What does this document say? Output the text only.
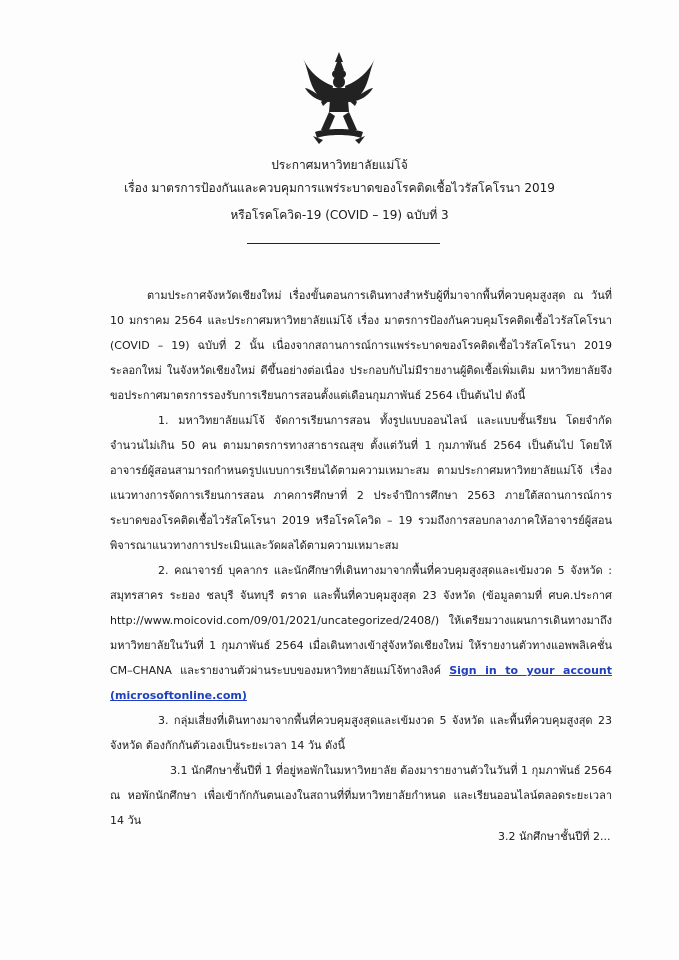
ประกาศมหาวิทยาลัยแม่โจ้
เรื่อง มาตรการป้องกันและควบคุมการแพร่ระบาดของโรคติดเชื้อไวรัสโคโรนา 2019
หรือโรคโควิด-19 (COVID – 19) ฉบับที่ 3

ตามประกาศจังหวัดเชียงใหม่ เรื่องขั้นตอนการเดินทางสำหรับผู้ที่มาจากพื้นที่ควบคุมสูงสุด ณ วันที่ 10 มกราคม 2564 และประกาศมหาวิทยาลัยแม่โจ้ เรื่อง มาตรการป้องกันควบคุมโรคติดเชื้อไวรัสโคโรนา (COVID – 19) ฉบับที่ 2 นั้น เนื่องจากสถานการณ์การแพร่ระบาดของโรคติดเชื้อไวรัสโคโรนา 2019 ระลอกใหม่ ในจังหวัดเชียงใหม่ ดีขึ้นอย่างต่อเนื่อง ประกอบกับไม่มีรายงานผู้ติดเชื้อเพิ่มเติม มหาวิทยาลัยจึงขอประกาศมาตรการรองรับการเรียนการสอนตั้งแต่เดือนกุมภาพันธ์ 2564 เป็นต้นไป ดังนี้

1. มหาวิทยาลัยแม่โจ้ จัดการเรียนการสอน ทั้งรูปแบบออนไลน์ และแบบชั้นเรียน โดยจำกัดจำนวนไม่เกิน 50 คน ตามมาตรการทางสาธารณสุข ตั้งแต่วันที่ 1 กุมภาพันธ์ 2564 เป็นต้นไป โดยให้อาจารย์ผู้สอนสามารถกำหนดรูปแบบการเรียนได้ตามความเหมาะสม ตามประกาศมหาวิทยาลัยแม่โจ้ เรื่อง แนวทางการจัดการเรียนการสอน ภาคการศึกษาที่ 2 ประจำปีการศึกษา 2563 ภายใต้สถานการณ์การระบาดของโรคติดเชื้อไวรัสโคโรนา 2019 หรือโรคโควิด – 19 รวมถึงการสอบกลางภาคให้อาจารย์ผู้สอนพิจารณาแนวทางการประเมินและวัดผลได้ตามความเหมาะสม

2. คณาจารย์ บุคลากร และนักศึกษาที่เดินทางมาจากพื้นที่ควบคุมสูงสุดและเข้มงวด 5 จังหวัด : สมุทรสาคร ระยอง ชลบุรี จันทบุรี ตราด และพื้นที่ควบคุมสูงสุด 23 จังหวัด (ข้อมูลตามที่ ศบค.ประกาศ http://www.moicovid.com/09/01/2021/uncategorized/2408/) ให้เตรียมวางแผนการเดินทางมาถึงมหาวิทยาลัยในวันที่ 1 กุมภาพันธ์ 2564 เมื่อเดินทางเข้าสู่จังหวัดเชียงใหม่ ให้รายงานตัวทางแอพพลิเคชั่น CM–CHANA และรายงานตัวผ่านระบบของมหาวิทยาลัยแม่โจ้ทางลิงค์ Sign in to your account (microsoftonline.com)

3. กลุ่มเสี่ยงที่เดินทางมาจากพื้นที่ควบคุมสูงสุดและเข้มงวด 5 จังหวัด และพื้นที่ควบคุมสูงสุด 23 จังหวัด ต้องกักกันตัวเองเป็นระยะเวลา 14 วัน ดังนี้

3.1 นักศึกษาชั้นปีที่ 1 ที่อยู่หอพักในมหาวิทยาลัย ต้องมารายงานตัวในวันที่ 1 กุมภาพันธ์ 2564 ณ หอพักนักศึกษา เพื่อเข้ากักกันตนเองในสถานที่ที่มหาวิทยาลัยกำหนด และเรียนออนไลน์ตลอดระยะเวลา 14 วัน

3.2 นักศึกษาชั้นปีที่ 2...
